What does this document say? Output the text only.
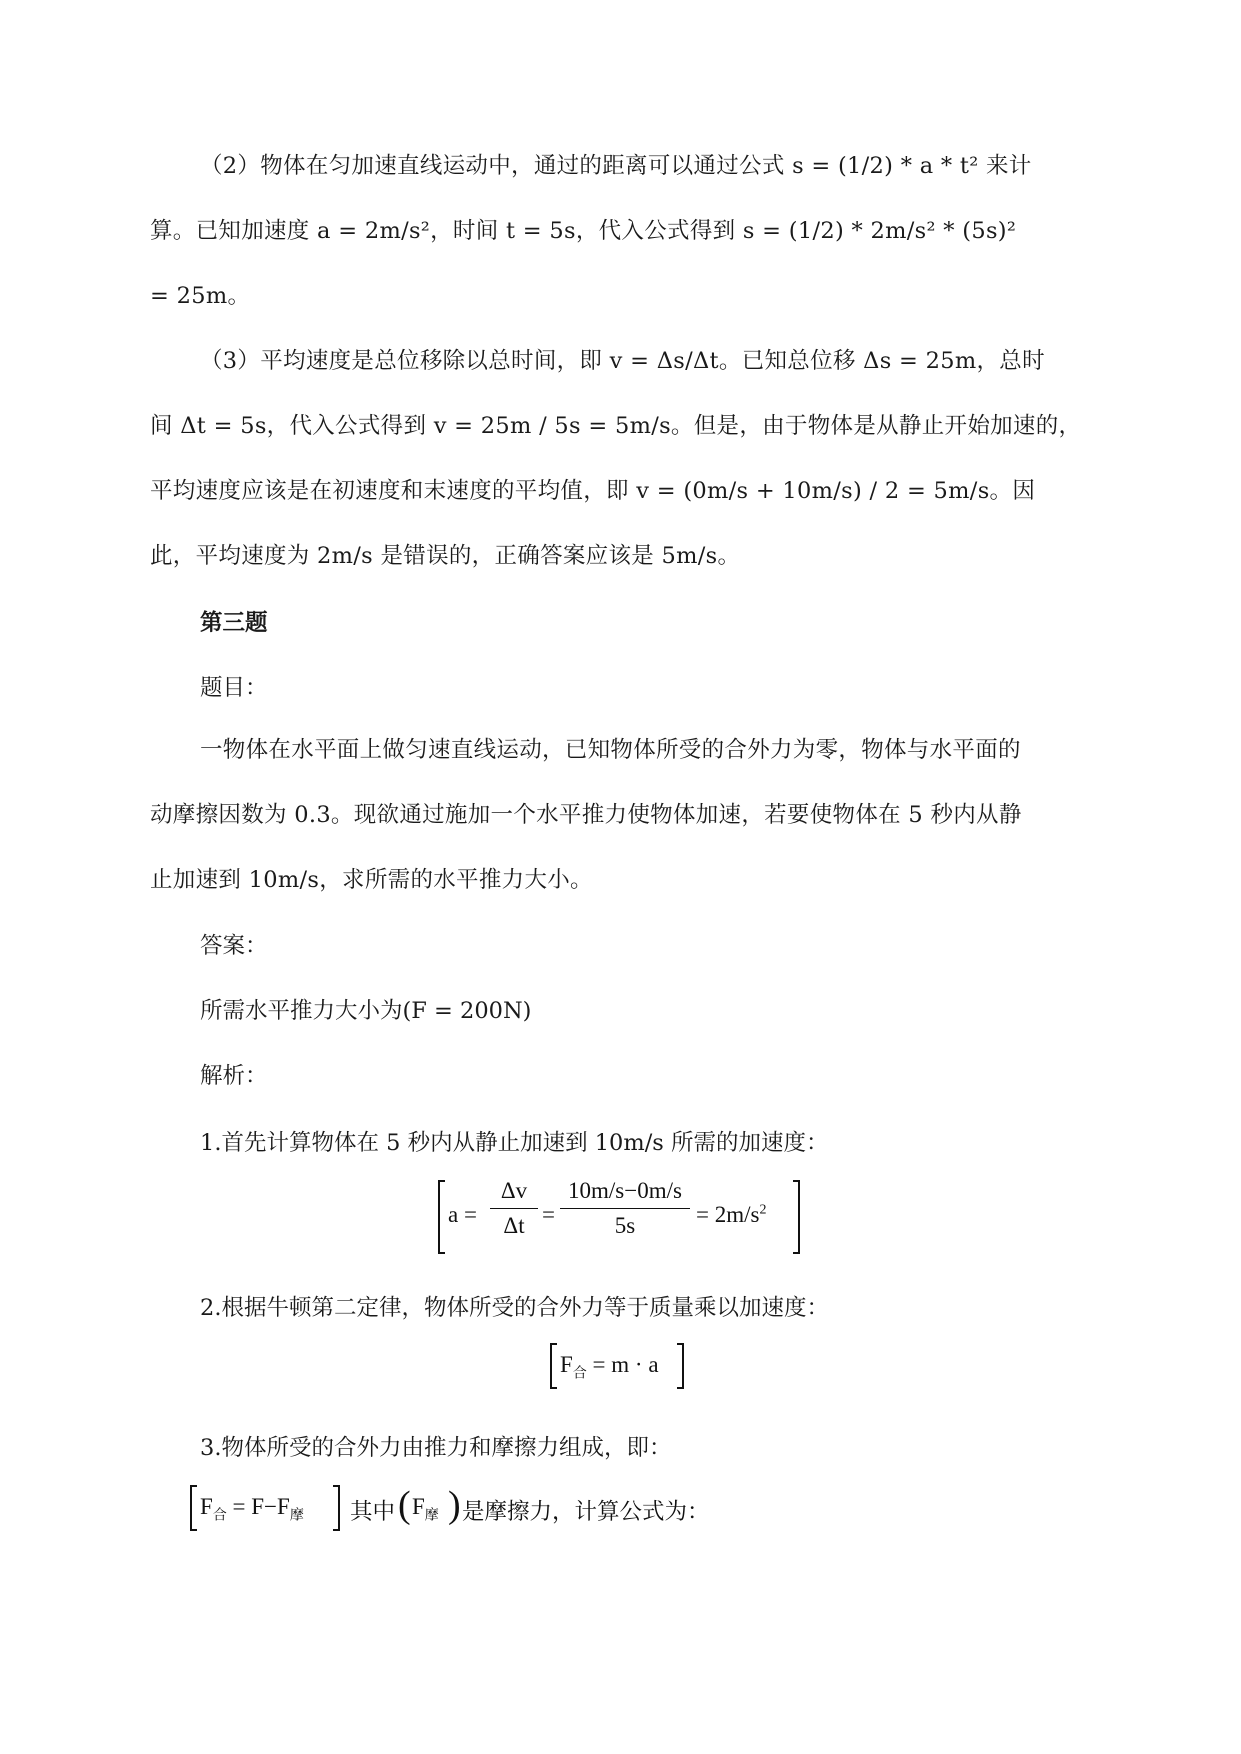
（2）物体在匀加速直线运动中，通过的距离可以通过公式 s = (1/2) * a * t² 来计
算。已知加速度 a = 2m/s²，时间 t = 5s，代入公式得到 s = (1/2) * 2m/s² * (5s)²
= 25m。
（3）平均速度是总位移除以总时间，即 v = Δs/Δt。已知总位移 Δs = 25m，总时
间 Δt = 5s，代入公式得到 v = 25m / 5s = 5m/s。但是，由于物体是从静止开始加速的，
平均速度应该是在初速度和末速度的平均值，即 v = (0m/s + 10m/s) / 2 = 5m/s。因
此，平均速度为 2m/s 是错误的，正确答案应该是 5m/s。
第三题
题目：
一物体在水平面上做匀速直线运动，已知物体所受的合外力为零，物体与水平面的
动摩擦因数为 0.3。现欲通过施加一个水平推力使物体加速，若要使物体在 5 秒内从静
止加速到 10m/s，求所需的水平推力大小。
答案：
所需水平推力大小为(F = 200N)
解析：
1.首先计算物体在 5 秒内从静止加速到 10m/s 所需的加速度：
a =
Δv
Δt =
10m/s−0m/s
5s	= $2m/s^2$
2.根据牛顿第二定律，物体所受的合外力等于质量乘以加速度：
$F_合 = m \cdot a$
3.物体所受的合外力由推力和摩擦力组成，即：
$F_合 = F-F_摩$ 其中 ( $F_摩$ ) 是摩擦力，计算公式为：
